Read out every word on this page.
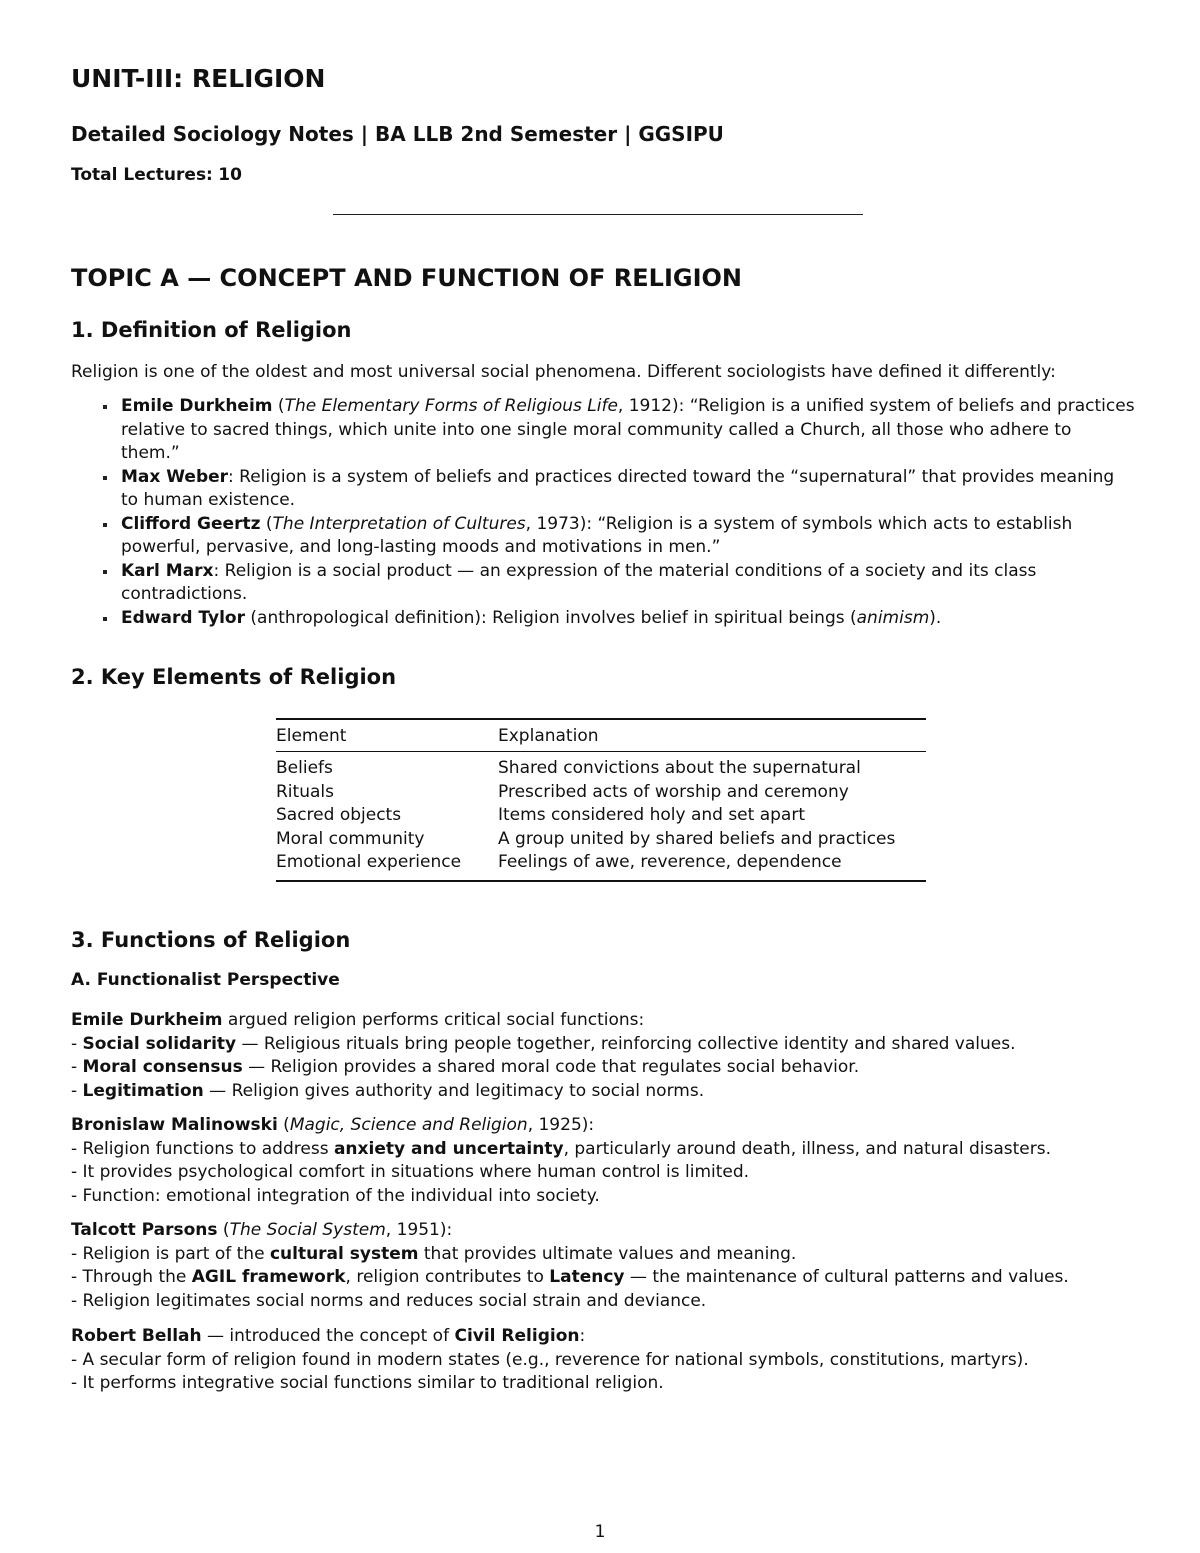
UNIT-III: RELIGION
Detailed Sociology Notes | BA LLB 2nd Semester | GGSIPU

Total Lectures: 10

TOPIC A — CONCEPT AND FUNCTION OF RELIGION
1. Definition of Religion

Religion is one of the oldest and most universal social phenomena. Different sociologists have defined it differently:

Emile Durkheim (The Elementary Forms of Religious Life, 1912): “Religion is a unified system of beliefs and practices relative to sacred things, which unite into one single moral community called a Church, all those who adhere to them.”
Max Weber: Religion is a system of beliefs and practices directed toward the “supernatural” that provides meaning to human existence.
Clifford Geertz (The Interpretation of Cultures, 1973): “Religion is a system of symbols which acts to establish powerful, pervasive, and long-lasting moods and motivations in men.”
Karl Marx: Religion is a social product — an expression of the material conditions of a society and its class contradictions.
Edward Tylor (anthropological definition): Religion involves belief in spiritual beings (animism).
2. Key Elements of Religion
Element	Explanation
Beliefs	Shared convictions about the supernatural
Rituals	Prescribed acts of worship and ceremony
Sacred objects	Items considered holy and set apart
Moral community	A group united by shared beliefs and practices
Emotional experience	Feelings of awe, reverence, dependence
3. Functions of Religion
A. Functionalist Perspective

Emile Durkheim argued religion performs critical social functions:

- Social solidarity — Religious rituals bring people together, reinforcing collective identity and shared values.

- Moral consensus — Religion provides a shared moral code that regulates social behavior.

- Legitimation — Religion gives authority and legitimacy to social norms.

Bronislaw Malinowski (Magic, Science and Religion, 1925):

- Religion functions to address anxiety and uncertainty, particularly around death, illness, and natural disasters.

- It provides psychological comfort in situations where human control is limited.

- Function: emotional integration of the individual into society.

Talcott Parsons (The Social System, 1951):

- Religion is part of the cultural system that provides ultimate values and meaning.

- Through the AGIL framework, religion contributes to Latency — the maintenance of cultural patterns and values.

- Religion legitimates social norms and reduces social strain and deviance.

Robert Bellah — introduced the concept of Civil Religion:

- A secular form of religion found in modern states (e.g., reverence for national symbols, constitutions, martyrs).

- It performs integrative social functions similar to traditional religion.

1
